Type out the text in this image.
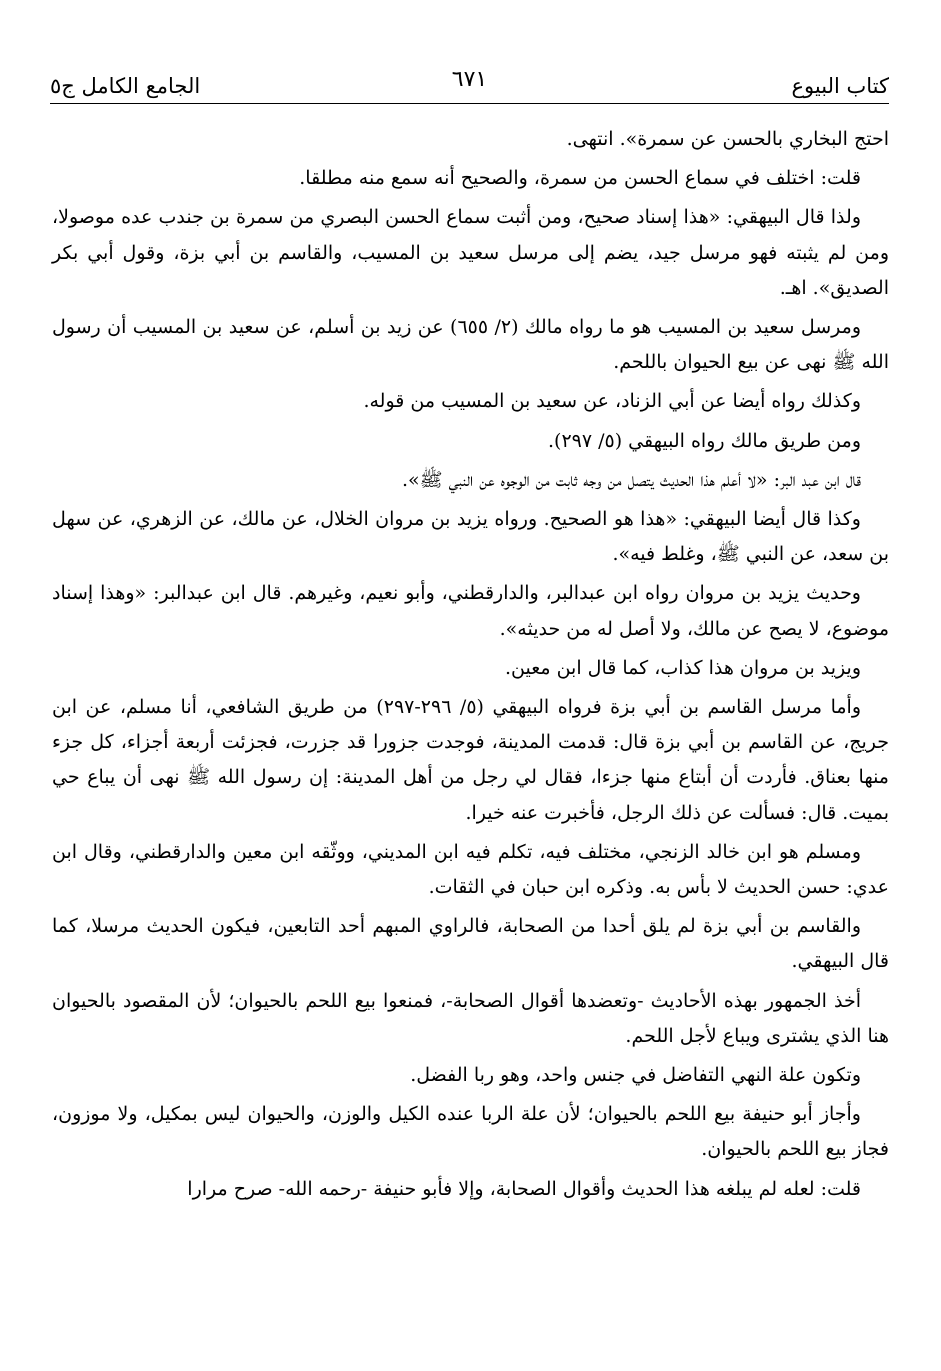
كتاب البيوع
٦٧١
الجامع الكامل ج٥

احتج البخاري بالحسن عن سمرة». انتهى.

قلت: اختلف في سماع الحسن من سمرة، والصحيح أنه سمع منه مطلقا.

ولذا قال البيهقي: «هذا إسناد صحيح، ومن أثبت سماع الحسن البصري من سمرة بن جندب عده موصولا، ومن لم يثبته فهو مرسل جيد، يضم إلى مرسل سعيد بن المسيب، والقاسم بن أبي بزة، وقول أبي بكر الصديق». اهـ.

ومرسل سعيد بن المسيب هو ما رواه مالك (٢/ ٦٥٥) عن زيد بن أسلم، عن سعيد بن المسيب أن رسول الله ﷺ نهى عن بيع الحيوان باللحم.

وكذلك رواه أيضا عن أبي الزناد، عن سعيد بن المسيب من قوله.

ومن طريق مالك رواه البيهقي (٥/ ٢٩٧).

قال ابن عبد البر: «لا أعلم هذا الحديث يتصل من وجه ثابت من الوجوه عن النبي ﷺ».

وكذا قال أيضا البيهقي: «هذا هو الصحيح. ورواه يزيد بن مروان الخلال، عن مالك، عن الزهري، عن سهل بن سعد، عن النبي ﷺ، وغلط فيه».

وحديث يزيد بن مروان رواه ابن عبدالبر، والدارقطني، وأبو نعيم، وغيرهم. قال ابن عبدالبر: «وهذا إسناد موضوع، لا يصح عن مالك، ولا أصل له من حديثه».

ويزيد بن مروان هذا كذاب، كما قال ابن معين.

وأما مرسل القاسم بن أبي بزة فرواه البيهقي (٥/ ٢٩٦-٢٩٧) من طريق الشافعي، أنا مسلم، عن ابن جريج، عن القاسم بن أبي بزة قال: قدمت المدينة، فوجدت جزورا قد جزرت، فجزئت أربعة أجزاء، كل جزء منها بعناق. فأردت أن أبتاع منها جزءا، فقال لي رجل من أهل المدينة: إن رسول الله ﷺ نهى أن يباع حي بميت. قال: فسألت عن ذلك الرجل، فأخبرت عنه خيرا.

ومسلم هو ابن خالد الزنجي، مختلف فيه، تكلم فيه ابن المديني، ووثّقه ابن معين والدارقطني، وقال ابن عدي: حسن الحديث لا بأس به. وذكره ابن حبان في الثقات.

والقاسم بن أبي بزة لم يلق أحدا من الصحابة، فالراوي المبهم أحد التابعين، فيكون الحديث مرسلا، كما قال البيهقي.

أخذ الجمهور بهذه الأحاديث -وتعضدها أقوال الصحابة-، فمنعوا بيع اللحم بالحيوان؛ لأن المقصود بالحيوان هنا الذي يشترى ويباع لأجل اللحم.

وتكون علة النهي التفاضل في جنس واحد، وهو ربا الفضل.

وأجاز أبو حنيفة بيع اللحم بالحيوان؛ لأن علة الربا عنده الكيل والوزن، والحيوان ليس بمكيل، ولا موزون، فجاز بيع اللحم بالحيوان.

قلت: لعله لم يبلغه هذا الحديث وأقوال الصحابة، وإلا فأبو حنيفة -رحمه الله- صرح مرارا
